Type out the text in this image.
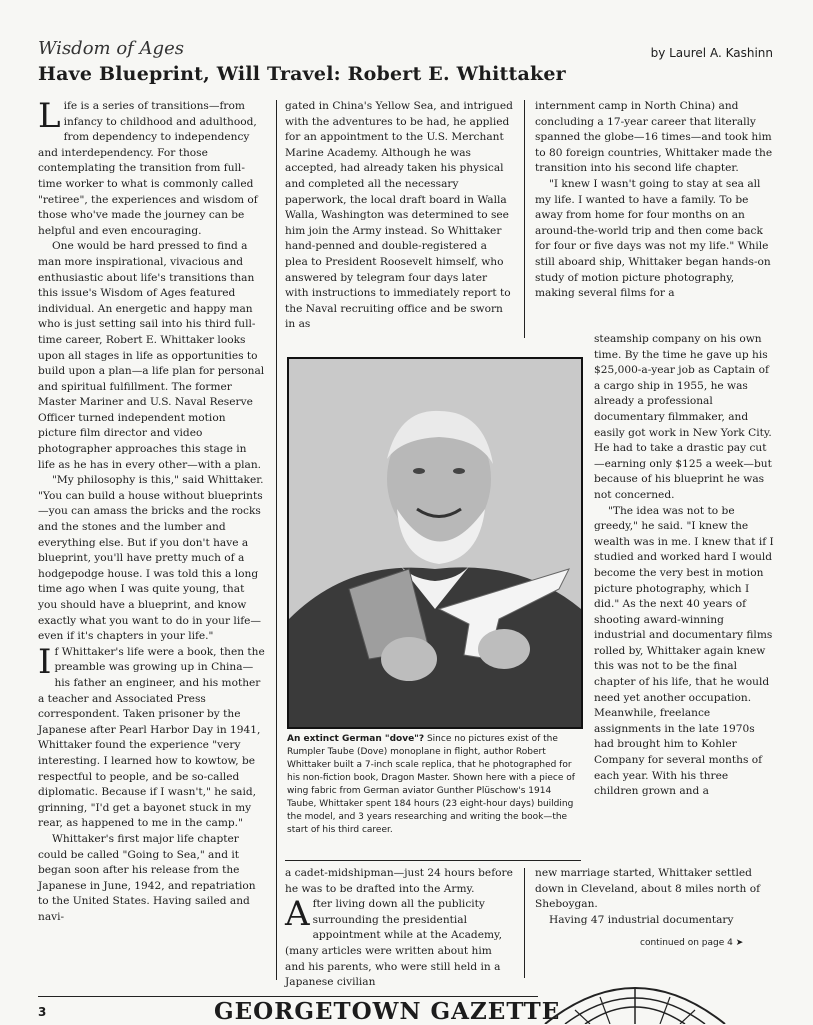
Wisdom of Ages
Have Blueprint, Will Travel: Robert E. Whittaker
by Laurel A. Kashinn

Life is a series of transitions—from infancy to childhood and adulthood, from dependency to independency and interdependency. For those contemplating the transition from full-time worker to what is commonly called "retiree", the experiences and wisdom of those who've made the journey can be helpful and even encouraging.

One would be hard pressed to find a man more inspirational, vivacious and enthusiastic about life's transitions than this issue's Wisdom of Ages featured individual. An energetic and happy man who is just setting sail into his third full-time career, Robert E. Whittaker looks upon all stages in life as opportunities to build upon a plan—a life plan for personal and spiritual fulfillment. The former Master Mariner and U.S. Naval Reserve Officer turned independent motion picture film director and video photographer approaches this stage in life as he has in every other—with a plan.

"My philosophy is this," said Whittaker. "You can build a house without blueprints—you can amass the bricks and the rocks and the stones and the lumber and everything else. But if you don't have a blueprint, you'll have pretty much of a hodgepodge house. I was told this a long time ago when I was quite young, that you should have a blueprint, and know exactly what you want to do in your life—even if it's chapters in your life."

If Whittaker's life were a book, then the preamble was growing up in China—his father an engineer, and his mother a teacher and Associated Press correspondent. Taken prisoner by the Japanese after Pearl Harbor Day in 1941, Whittaker found the experience "very interesting. I learned how to kowtow, be respectful to people, and be so-called diplomatic. Because if I wasn't," he said, grinning, "I'd get a bayonet stuck in my rear, as happened to me in the camp."

Whittaker's first major life chapter could be called "Going to Sea," and it began soon after his release from the Japanese in June, 1942, and repatriation to the United States. Having sailed and navi-

gated in China's Yellow Sea, and intrigued with the adventures to be had, he applied for an appointment to the U.S. Merchant Marine Academy. Although he was accepted, had already taken his physical and completed all the necessary paperwork, the local draft board in Walla Walla, Washington was determined to see him join the Army instead. So Whittaker hand-penned and double-registered a plea to President Roosevelt himself, who answered by telegram four days later with instructions to immediately report to the Naval recruiting office and be sworn in as

An extinct German "dove"? Since no pictures exist of the Rumpler Taube (Dove) monoplane in flight, author Robert Whittaker built a 7-inch scale replica, that he photographed for his non-fiction book, Dragon Master. Shown here with a piece of wing fabric from German aviator Gunther Plüschow's 1914 Taube, Whittaker spent 184 hours (23 eight-hour days) building the model, and 3 years researching and writing the book—the start of his third career.

a cadet-midshipman—just 24 hours before he was to be drafted into the Army.

After living down all the publicity surrounding the presidential appointment while at the Academy, (many articles were written about him and his parents, who were still held in a Japanese civilian

internment camp in North China) and concluding a 17-year career that literally spanned the globe—16 times—and took him to 80 foreign countries, Whittaker made the transition into his second life chapter.

"I knew I wasn't going to stay at sea all my life. I wanted to have a family. To be away from home for four months on an around-the-world trip and then come back for four or five days was not my life." While still aboard ship, Whittaker began hands-on study of motion picture photography, making several films for a

steamship company on his own time. By the time he gave up his $25,000-a-year job as Captain of a cargo ship in 1955, he was already a professional documentary filmmaker, and easily got work in New York City. He had to take a drastic pay cut—earning only $125 a week—but because of his blueprint he was not concerned.

"The idea was not to be greedy," he said. "I knew the wealth was in me. I knew that if I studied and worked hard I would become the very best in motion picture photography, which I did." As the next 40 years of shooting award-winning industrial and documentary films rolled by, Whittaker again knew this was not to be the final chapter of his life, that he would need yet another occupation. Meanwhile, freelance assignments in the late 1970s had brought him to Kohler Company for several months of each year. With his three children grown and a

new marriage started, Whittaker settled down in Cleveland, about 8 miles north of Sheboygan.

Having 47 industrial documentary

continued on page 4 ➤
3	GEORGETOWN GAZETTE
